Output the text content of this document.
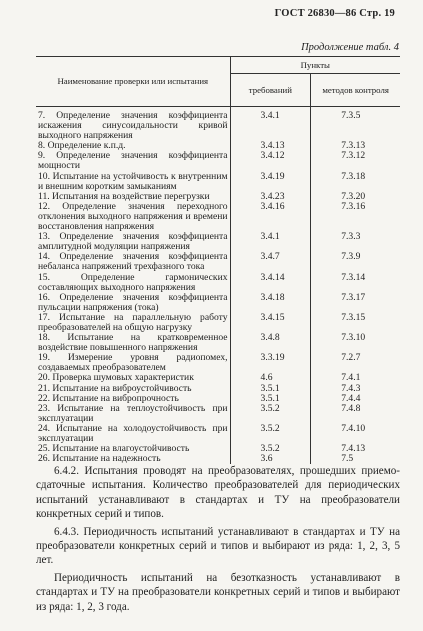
ГОСТ 26830—86 Стр. 19
Продолжение табл. 4
Наименование проверки или испытания	Пункты	
	требований	методов контроля
7. Определение значения коэффициента искажения синусоидальности кривой выходного напряжения	3.4.1	7.3.5
8. Определение к.п.д.	3.4.13	7.3.13
9. Определение значения коэффициента мощности	3.4.12	7.3.12
10. Испытание на устойчивость к внутренним и внешним коротким замыканиям	3.4.19	7.3.18
11. Испытания на воздействие перегрузки	3.4.23	7.3.20
12. Определение значения переходного отклонения выходного напряжения и времени восстановления напряжения	3.4.16	7.3.16
13. Определение значения коэффициента амплитудной модуляции напряжения	3.4.1	7.3.3
14. Определение значения коэффициента небаланса напряжений трехфазного тока	3.4.7	7.3.9
15. Определение гармонических составляющих выходного напряжения	3.4.14	7.3.14
16. Определение значения коэффициента пульсации напряжения (тока)	3.4.18	7.3.17
17. Испытание на параллельную работу преобразователей на общую нагрузку	3.4.15	7.3.15
18. Испытание на кратковременное воздействие повышенного напряжения	3.4.8	7.3.10
19. Измерение уровня радиопомех, создаваемых преобразователем	3.3.19	7.2.7
20. Проверка шумовых характеристик	4.6	7.4.1
21. Испытание на виброустойчивость	3.5.1	7.4.3
22. Испытание на вибропрочность	3.5.1	7.4.4
23. Испытание на теплоустойчивость при эксплуатации	3.5.2	7.4.8
24. Испытание на холодоустойчивость при эксплуатации	3.5.2	7.4.10
25. Испытание на влагоустойчивость	3.5.2	7.4.13
26. Испытание на надежность	3.6	7.5

6.4.2. Испытания проводят на преобразователях, прошедших приемо-сдаточные испытания. Количество преобразователей для периодических испытаний устанавливают в стандартах и ТУ на преобразователи конкретных серий и типов.

6.4.3. Периодичность испытаний устанавливают в стандартах и ТУ на преобразователи конкретных серий и типов и выбирают из ряда: 1, 2, 3, 5 лет.

Периодичность испытаний на безотказность устанавливают в стандартах и ТУ на преобразователи конкретных серий и типов и выбирают из ряда: 1, 2, 3 года.
